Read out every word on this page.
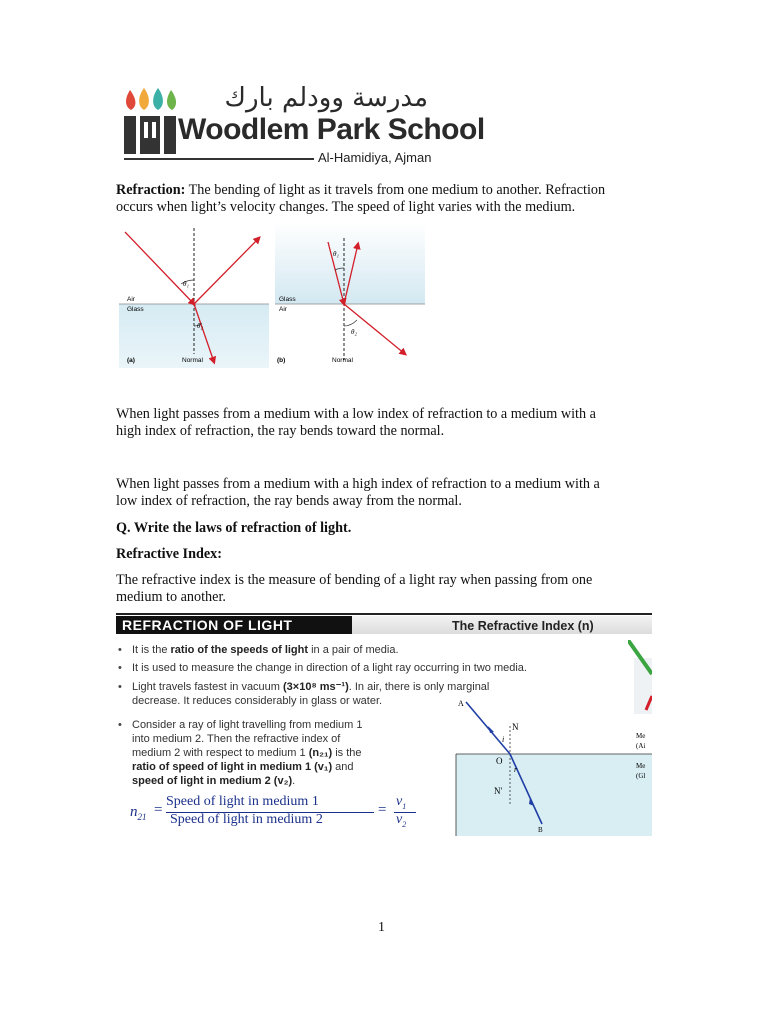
مدرسة وودلم بارك
Woodlem Park School
Al-Hamidiya, Ajman
Refraction: The bending of light as it travels from one medium to another. Refraction
occurs when light’s velocity changes. The speed of light varies with the medium.
θ₁
θ₂
Air
Glass
(a)	Normal
θ₁
θ₂
Glass
Air
(b)	Normal
When light passes from a medium with a low index of refraction to a medium with a
high index of refraction, the ray bends toward the normal.
When light passes from a medium with a high index of refraction to a medium with a
low index of refraction, the ray bends away from the normal.
Q. Write the laws of refraction of light.
Refractive Index:
The refractive index is the measure of bending of a light ray when passing from one
medium to another.
REFRACTION OF LIGHT	The Refractive Index (n)
• It is the ratio of the speeds of light in a pair of media.
• It is used to measure the change in direction of a light ray occurring in two media.
• Light travels fastest in vacuum (3×10⁸ ms⁻¹). In air, there is only marginal
decrease. It reduces considerably in glass or water.
• Consider a ray of light travelling from medium 1
into medium 2. Then the refractive index of
medium 2 with respect to medium 1 (n₂₁) is the
ratio of speed of light in medium 1 (v₁) and
speed of light in medium 2 (v₂).
$n_{21}$ =
Speed of light in medium 1
Speed of light in medium 2
=
$v_1$
$v_2$
A
N
i
O
r
N'
B
Me
(Ai
Me
(Gl
1
